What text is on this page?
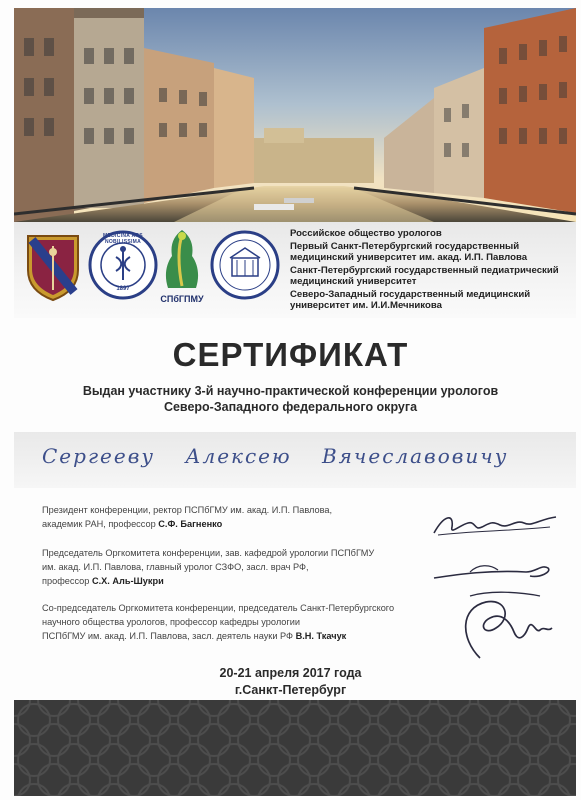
MEDICINA ARS NOBILISSIMA
1897
СПбГПМУ
Российское общество урологов
Первый Санкт-Петербургский государственный медицинский университет им. акад. И.П. Павлова
Санкт-Петербургский государственный педиатрический медицинский университет
Северо-Западный государственный медицинский университет им. И.И.Мечникова
СЕРТИФИКАТ
Выдан участнику 3-й научно-практической конференции урологов
Северо-Западного федерального округа
Сергееву Алексею Вячеславовичу
Президент конференции, ректор ПСПбГМУ им. акад. И.П. Павлова,
академик РАН, профессор С.Ф. Багненко
Председатель Оргкомитета конференции, зав. кафедрой урологии ПСПбГМУ
им. акад. И.П. Павлова, главный уролог СЗФО, засл. врач РФ,
профессор С.Х. Аль-Шукри
Со-председатель Оргкомитета конференции, председатель Санкт-Петербургского
научного общества урологов, профессор кафедры урологии
ПСПбГМУ им. акад. И.П. Павлова, засл. деятель науки РФ В.Н. Ткачук
20-21 апреля 2017 года
г.Санкт-Петербург
